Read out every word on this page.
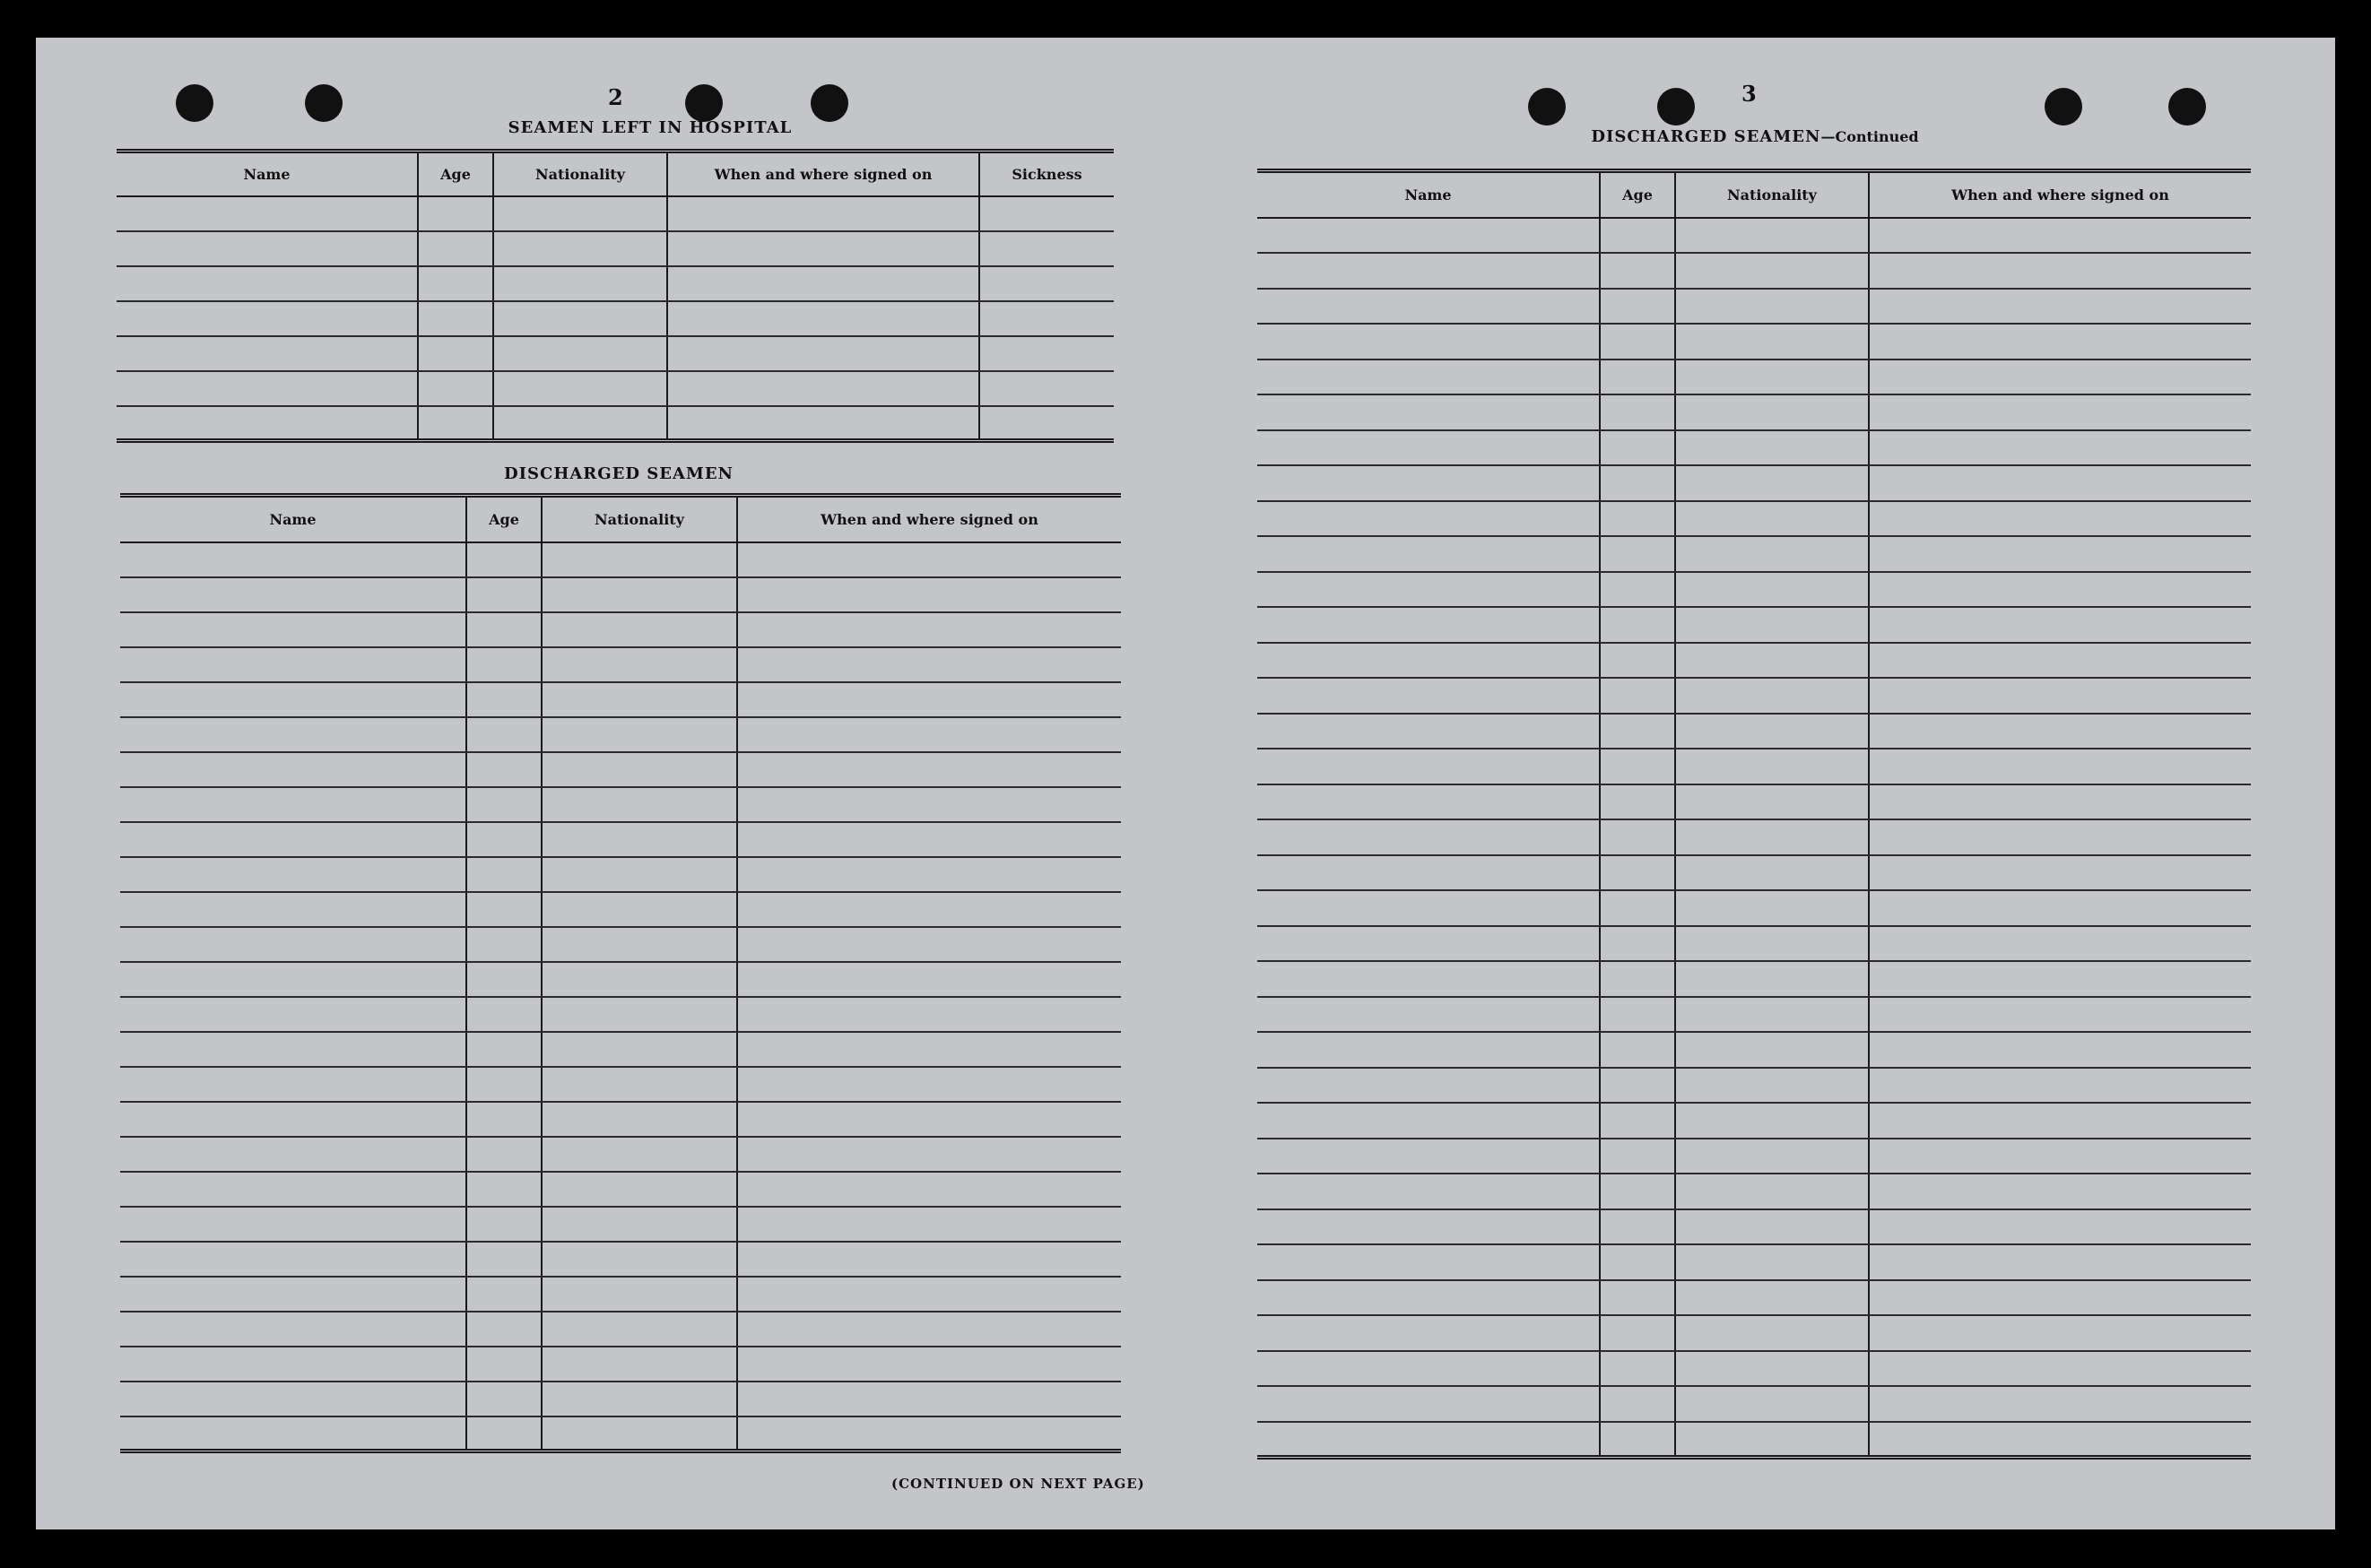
2
SEAMEN LEFT IN HOSPITAL
Name	Age	Nationality	When and where signed on	Sickness

DISCHARGED SEAMEN
Name	Age	Nationality	When and where signed on

(CONTINUED ON NEXT PAGE)
3
DISCHARGED SEAMEN—Continued
Name	Age	Nationality	When and where signed on
